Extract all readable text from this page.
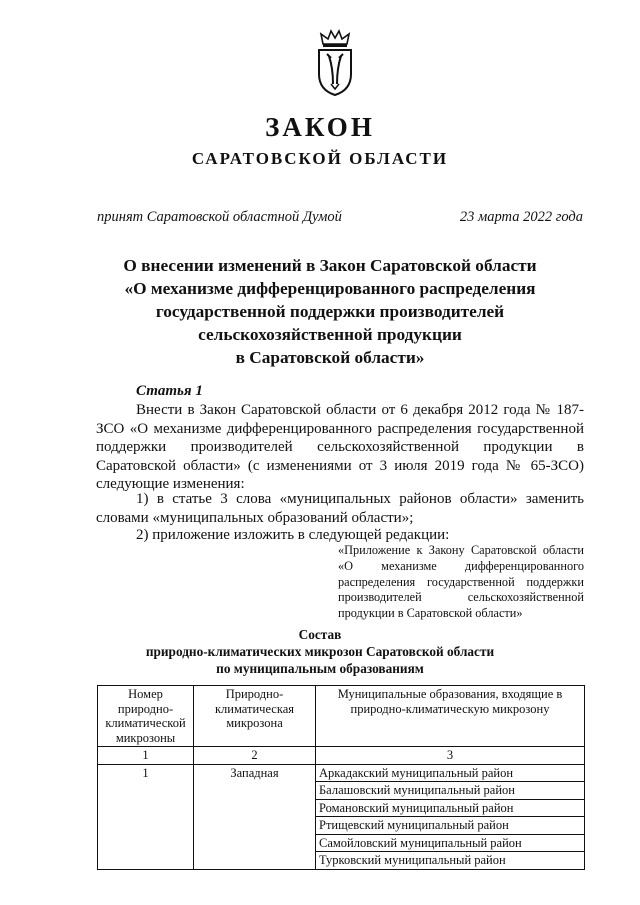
ЗАКОН
САРАТОВСКОЙ ОБЛАСТИ
принят Саратовской областной Думой	23 марта 2022 года
О внесении изменений в Закон Саратовской области
«О механизме дифференцированного распределения
государственной поддержки производителей
сельскохозяйственной продукции
в Саратовской области»
Статья 1
Внести в Закон Саратовской области от 6 декабря 2012 года № 187-ЗСО «О механизме дифференцированного распределения государственной поддержки производителей сельскохозяйственной продукции в Саратовской области» (с изменениями от 3 июля 2019 года № 65-ЗСО) следующие изменения:
1) в статье 3 слова «муниципальных районов области» заменить словами «муниципальных образований области»;
2) приложение изложить в следующей редакции:
«Приложение к Закону Саратовской области «О механизме дифференцированного распределения государственной поддержки производителей сельскохозяйственной продукции в Саратовской области»
Состав
природно-климатических микрозон Саратовской области
по муниципальным образованиям
Номер природно-климатической микрозоны	Природно-климатическая микрозона	Муниципальные образования, входящие в природно-климатическую микрозону
1	2	3
1	Западная	Аркадакский муниципальный район
		Балашовский муниципальный район
		Романовский муниципальный район
		Ртищевский муниципальный район
		Самойловский муниципальный район
		Турковский муниципальный район
